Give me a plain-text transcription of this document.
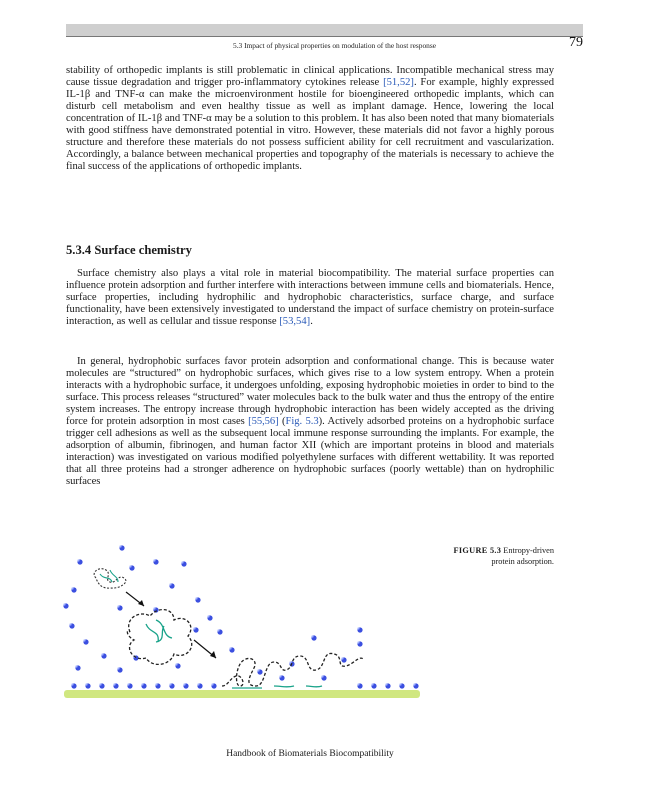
5.3 Impact of physical properties on modulation of the host response	79

stability of orthopedic implants is still problematic in clinical applications. Incompatible mechanical stress may cause tissue degradation and trigger pro-inflammatory cytokines release [51,52]. For example, highly expressed IL-1β and TNF-α can make the microenvironment hostile for bioengineered orthopedic implants, which can disturb cell metabolism and even healthy tissue as well as implant damage. Hence, lowering the local concentration of IL-1β and TNF-α may be a solution to this problem. It has also been noted that many biomaterials with good stiffness have demonstrated potential in vitro. However, these materials did not favor a highly porous structure and therefore these materials do not possess sufficient ability for cell recruitment and vascularization. Accordingly, a balance between mechanical properties and topography of the materials is necessary to achieve the final success of the applications of orthopedic implants.

5.3.4 Surface chemistry

Surface chemistry also plays a vital role in material biocompatibility. The material surface properties can influence protein adsorption and further interfere with interactions between immune cells and biomaterials. Hence, surface properties, including hydrophilic and hydrophobic characteristics, surface charge, and surface functionality, have been extensively investigated to understand the impact of surface chemistry on protein-surface interaction, as well as cellular and tissue response [53,54].

In general, hydrophobic surfaces favor protein adsorption and conformational change. This is because water molecules are “structured” on hydrophobic surfaces, which gives rise to a low system entropy. When a protein interacts with a hydrophobic surface, it undergoes unfolding, exposing hydrophobic moieties in order to bind to the surface. This process releases “structured” water molecules back to the bulk water and thus the entropy of the entire system increases. The entropy increase through hydrophobic interaction has been widely accepted as the driving force for protein adsorption in most cases [55,56] (Fig. 5.3). Actively adsorbed proteins on a hydrophobic surface trigger cell adhesions as well as the subsequent local immune response surrounding the implants. For example, the adsorption of albumin, fibrinogen, and human factor XII (which are important proteins in blood and materials interaction) was investigated on various modified polyethylene surfaces with different wettability. It was reported that all three proteins had a stronger adherence on hydrophobic surfaces (poorly wettable) than on hydrophilic surfaces

FIGURE 5.3 Entropy-driven protein adsorption.
Handbook of Biomaterials Biocompatibility
